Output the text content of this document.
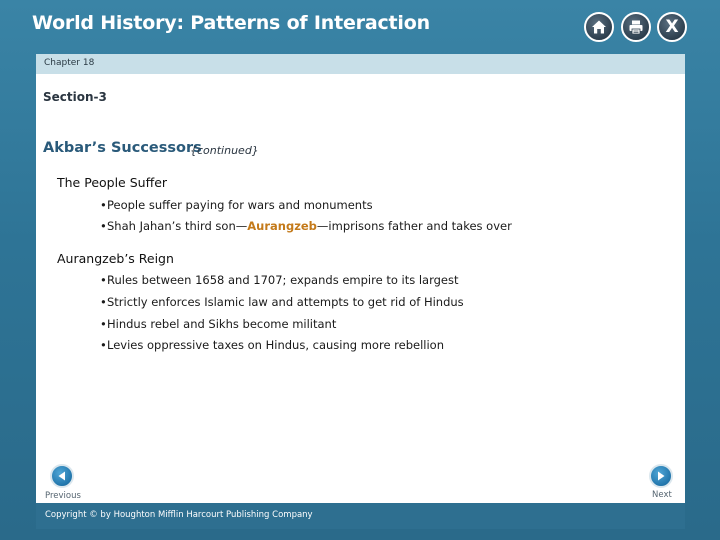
World History: Patterns of Interaction	X
Chapter 18
Section-3
Akbar’s Successors
{continued}
The People Suffer
• People suffer paying for wars and monuments
• Shah Jahan’s third son—Aurangzeb—imprisons father and takes over
Aurangzeb’s Reign
• Rules between 1658 and 1707; expands empire to its largest
• Strictly enforces Islamic law and attempts to get rid of Hindus
• Hindus rebel and Sikhs become militant
• Levies oppressive taxes on Hindus, causing more rebellion
Previous	Next
Copyright © by Houghton Mifflin Harcourt Publishing Company
